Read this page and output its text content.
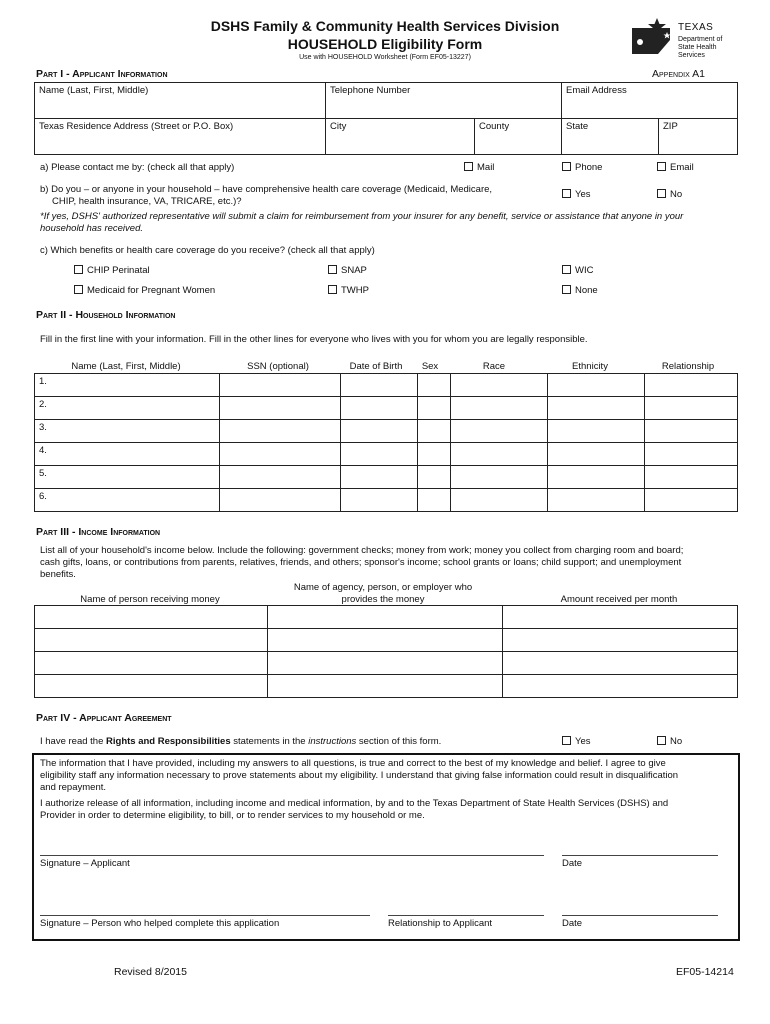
DSHS Family & Community Health Services Division
HOUSEHOLD Eligibility Form
Use with HOUSEHOLD Worksheet (Form EF05-13227)
TEXAS
Department of
State Health Services
Part I - Applicant Information	Appendix A1
Name (Last, First, Middle)	Telephone Number		Email Address	
Texas Residence Address (Street or P.O. Box)	City	County	State	ZIP
a) Please contact me by: (check all that apply)	Mail	Phone	Email
b) Do you – or anyone in your household – have comprehensive health care coverage (Medicaid, Medicare,
CHIP, health insurance, VA, TRICARE, etc.)?
Yes	No
*If yes, DSHS' authorized representative will submit a claim for reimbursement from your insurer for any benefit, service or assistance that anyone in your
household has received.
c) Which benefits or health care coverage do you receive? (check all that apply)
CHIP Perinatal	SNAP	WIC
Medicaid for Pregnant Women	TWHP	None
Part II - Household Information
Fill in the first line with your information. Fill in the other lines for everyone who lives with you for whom you are legally responsible.
Name (Last, First, Middle)	SSN (optional)	Date of Birth	Sex	Race	Ethnicity	Relationship
1.						
2.						
3.						
4.						
5.						
6.						
Part III - Income Information
List all of your household's income below. Include the following: government checks; money from work; money you collect from charging room and board;
cash gifts, loans, or contributions from parents, relatives, friends, and others; sponsor's income; school grants or loans; child support; and unemployment
benefits.
Name of person receiving money
Name of agency, person, or employer who
provides the money	Amount received per month

Part IV - Applicant Agreement
I have read the Rights and Responsibilities statements in the instructions section of this form.	Yes	No
The information that I have provided, including my answers to all questions, is true and correct to the best of my knowledge and belief. I agree to give
eligibility staff any information necessary to prove statements about my eligibility. I understand that giving false information could result in disqualification
and repayment.
I authorize release of all information, including income and medical information, by and to the Texas Department of State Health Services (DSHS) and
Provider in order to determine eligibility, to bill, or to render services to my household or me.
Signature – Applicant	Date
Signature – Person who helped complete this application	Relationship to Applicant	Date
Revised 8/2015	EF05-14214
